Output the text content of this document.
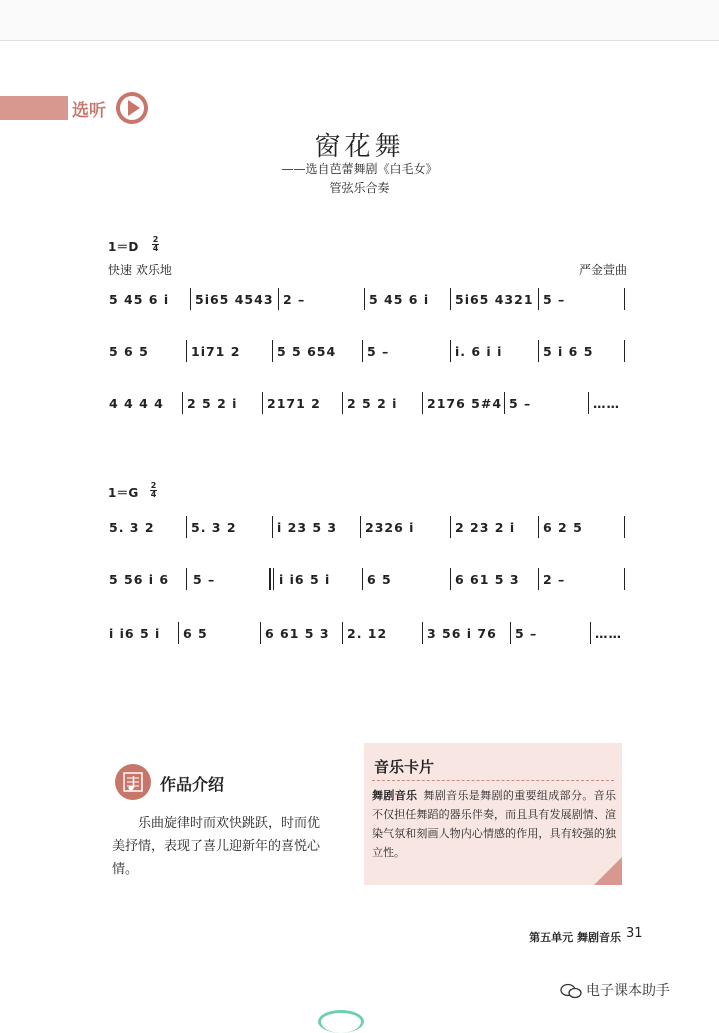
选听
窗花舞
——选自芭蕾舞剧《白毛女》
管弦乐合奏
1＝D
2
4
快速 欢乐地	严金萱曲
5 45 6 i	5i65 4543 2 –	5 45 6 i	5i65 4321 5 –
5 6 5	1i71 2	5 5 654	5 –	i. 6 i i	5 i 6 5
4 4 4 4	2 5 2 i	2171 2	2 5 2 i	2176 5#4 5 –	……
1＝G
2
4
5. 3 2	5. 3 2	i 23 5 3	2326 i	2 23 2 i	6 2 5
5 56 i 6	5 –	i i6 5 i	6 5	6 61 5 3	2 –
i i6 5 i	6 5	6 61 5 3	2. 12	3 56 i 76	5 –	……
作品介绍
乐曲旋律时而欢快跳跃，时而优美抒情，表现了喜儿迎新年的喜悦心情。
音乐卡片
舞剧音乐 舞剧音乐是舞剧的重要组成部分。音乐不仅担任舞蹈的器乐伴奏，而且具有发展剧情、渲染气氛和刻画人物内心情感的作用，具有较强的独立性。
第五单元 舞剧音乐 31
电子课本助手
